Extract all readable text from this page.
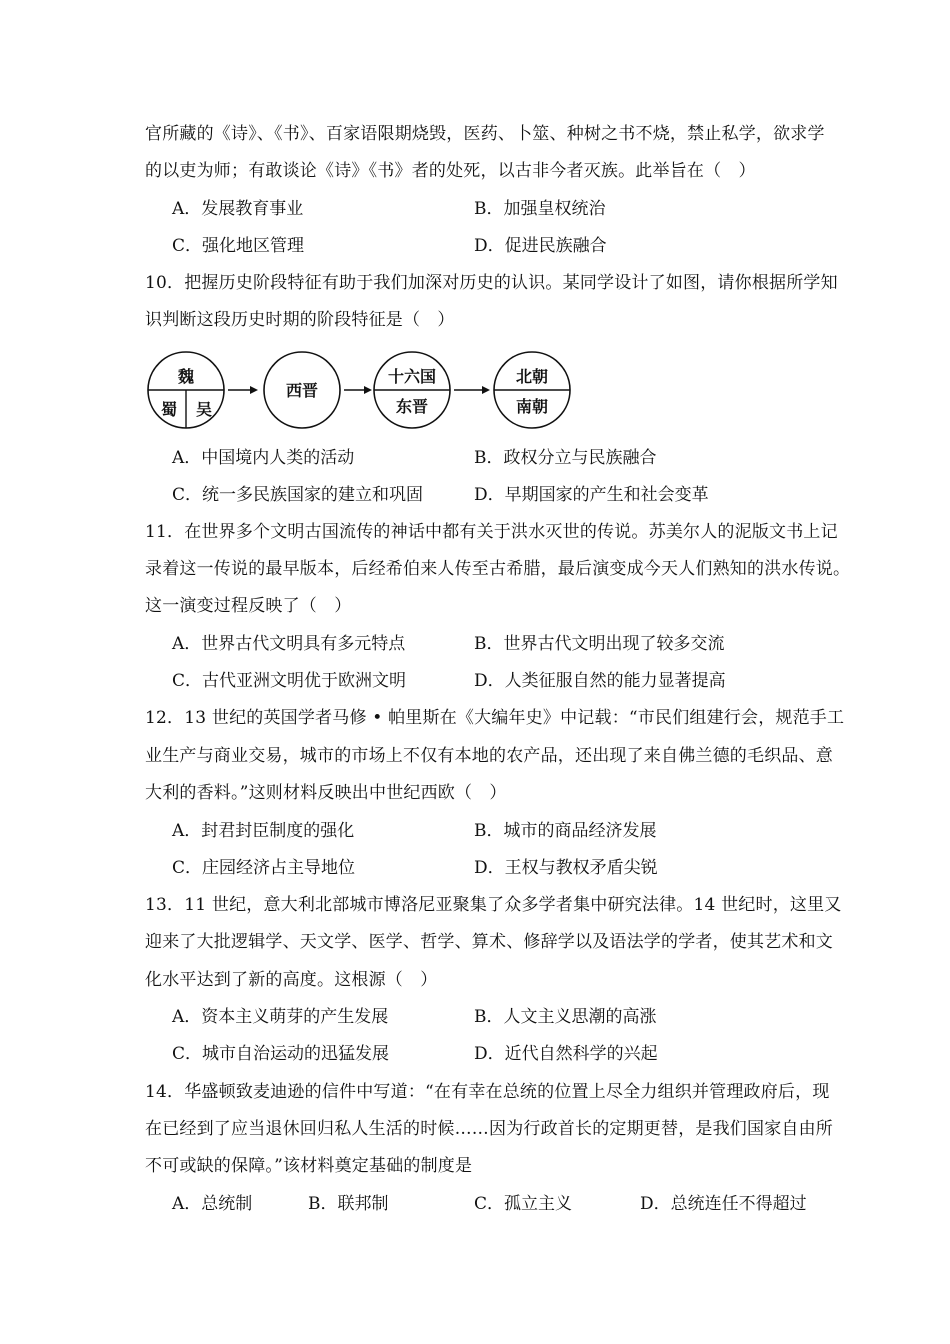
官所藏的《诗》、《书》、百家语限期烧毁，医药、卜筮、种树之书不烧，禁止私学，欲求学
的以吏为师；有敢谈论《诗》《书》者的处死，以古非今者灭族。此举旨在（　）
A．发展教育事业	B．加强皇权统治
C．强化地区管理	D．促进民族融合
10．把握历史阶段特征有助于我们加深对历史的认识。某同学设计了如图，请你根据所学知
识判断这段历史时期的阶段特征是（　）
魏
蜀 吴
西晋
十六国
东晋
北朝
南朝
A．中国境内人类的活动	B．政权分立与民族融合
C．统一多民族国家的建立和巩固	D．早期国家的产生和社会变革
11．在世界多个文明古国流传的神话中都有关于洪水灭世的传说。苏美尔人的泥版文书上记
录着这一传说的最早版本，后经希伯来人传至古希腊，最后演变成今天人们熟知的洪水传说。
这一演变过程反映了（　）
A．世界古代文明具有多元特点	B．世界古代文明出现了较多交流
C．古代亚洲文明优于欧洲文明	D．人类征服自然的能力显著提高
12．13 世纪的英国学者马修 • 帕里斯在《大编年史》中记载：“市民们组建行会，规范手工
业生产与商业交易，城市的市场上不仅有本地的农产品，还出现了来自佛兰德的毛织品、意
大利的香料。”这则材料反映出中世纪西欧（　）
A．封君封臣制度的强化	B．城市的商品经济发展
C．庄园经济占主导地位	D．王权与教权矛盾尖锐
13．11 世纪，意大利北部城市博洛尼亚聚集了众多学者集中研究法律。14 世纪时，这里又
迎来了大批逻辑学、天文学、医学、哲学、算术、修辞学以及语法学的学者，使其艺术和文
化水平达到了新的高度。这根源（　）
A．资本主义萌芽的产生发展	B．人文主义思潮的高涨
C．城市自治运动的迅猛发展	D．近代自然科学的兴起
14．华盛顿致麦迪逊的信件中写道：“在有幸在总统的位置上尽全力组织并管理政府后，现
在已经到了应当退休回归私人生活的时候……因为行政首长的定期更替，是我们国家自由所
不可或缺的保障。”该材料奠定基础的制度是
A．总统制	B．联邦制	C．孤立主义	D．总统连任不得超过
